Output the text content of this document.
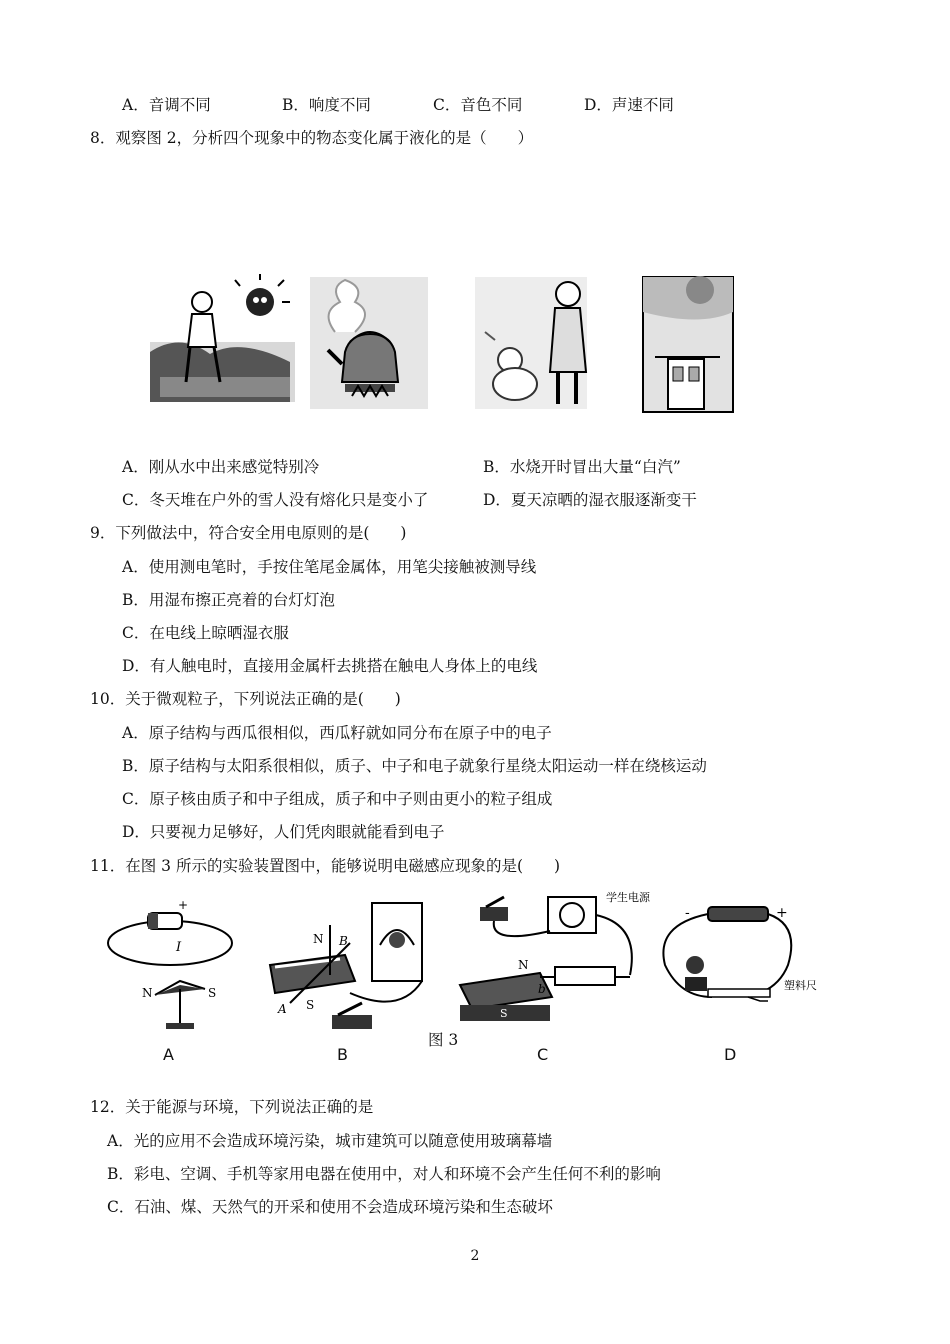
A．音调不同	B．响度不同	C．音色不同	D．声速不同
8．观察图 2，分析四个现象中的物态变化属于液化的是（　　）
A．刚从水中出来感觉特别冷	B．水烧开时冒出大量“白汽”
C．冬天堆在户外的雪人没有熔化只是变小了	D．夏天凉晒的湿衣服逐渐变干
9．下列做法中，符合安全用电原则的是(　　)
A．使用测电笔时，手按住笔尾金属体，用笔尖接触被测导线
B．用湿布擦正亮着的台灯灯泡
C．在电线上晾晒湿衣服
D．有人触电时，直接用金属杆去挑搭在触电人身体上的电线
10．关于微观粒子，下列说法正确的是(　　)
A．原子结构与西瓜很相似，西瓜籽就如同分布在原子中的电子
B．原子结构与太阳系很相似，质子、中子和电子就象行星绕太阳运动一样在绕核运动
C．原子核由质子和中子组成，质子和中子则由更小的粒子组成
D．只要视力足够好，人们凭肉眼就能看到电子
11．在图 3 所示的实验装置图中，能够说明电磁感应现象的是(　　)
+
I
N	S
N B
A S
学生电源
N
S
b
-	+
塑料尺
A	B
图 3
C	D
12．关于能源与环境，下列说法正确的是
A．光的应用不会造成环境污染，城市建筑可以随意使用玻璃幕墙
B．彩电、空调、手机等家用电器在使用中，对人和环境不会产生任何不利的影响
C．石油、煤、天然气的开采和使用不会造成环境污染和生态破坏
2
